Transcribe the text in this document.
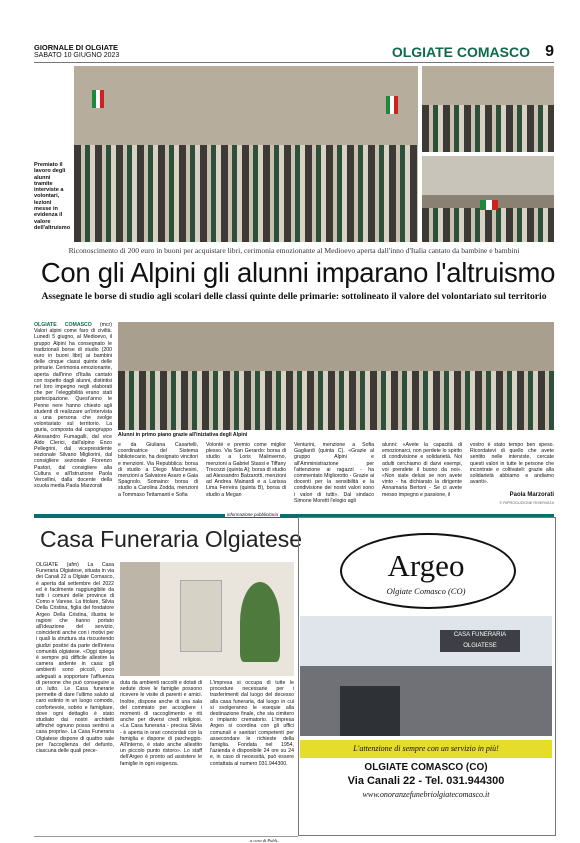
GIORNALE DI OLGIATE
SABATO 10 GIUGNO 2023	OLGIATE COMASCO 9
Premiato il lavoro degli alunni tramite interviste a volontari, lezioni messe in evidenza il valore dell'altruismo
Riconoscimento di 200 euro in buoni per acquistare libri, cerimonia emozionante al Medioevo aperta dall'inno d'Italia cantato da bambine e bambini
Con gli Alpini gli alunni imparano l'altruismo
Assegnate le borse di studio agli scolari delle classi quinte delle primarie: sottolineato il valore del volontariato sul territorio
OLGIATE COMASCO (mcr) Valori alpini come faro di civiltà. Lunedì 5 giugno, al Medioevo, il gruppo Alpini ha consegnato le tradizionali borse di studio (200 euro in buoni libri) ai bambini delle cinque classi quinte delle primarie. Cerimonia emozionante, aperta dall'inno d'Italia cantato con rispetto dagli alunni, distintisi nel loro impegno negli elaborati che per l'eleggibilità erano stati partecipazione. Quest'anno le Penne nere hanno chiesto agli studenti di realizzare un'intervista a una persona che svolge volontariato sul territorio. La giuria, composta dal capogruppo Alessandro Fumagalli, dal vice Aldo Clerici, dall'alpino Enzo Pellegrini, dal vicepresidente sezionale Silvano Migliorini, dal consigliere sezionale Fiorenzo Pastori, dal consigliere alla Cultura e all'Istruzione Paola Vercellini, dalla docente della scuola media Paola Marzorati
Alunni in primo piano grazie all'iniziativa degli Alpini
e da Giuliana Casartelli, coordinatrice del Sistema bibliotecario, ha designato vincitori e menzioni. Via Repubblica: borsa di studio a Diego Marchesini, menzioni a Salvatore Asaro e Gaia Spagnolo. Somaino: borsa di studio a Carolina Zodda, menzioni a Tommaso Tettamanti e Sofia
Volonté e premio come miglior plesso. Via San Gerardo: borsa di studio a Loris Malinverno, menzioni a Gabriel Stassi e Tiffany Trecozzi (quinta A); borsa di studio ad Alessandro Balzarotti, menzioni ad Andrea Mainardi e a Larissa Lima Ferreira (quinta B), borsa di studio a Megan
Venturini, menzione a Sofia Gagliardi (quinta C). «Grazie al gruppo Alpini e all'Amministrazione per l'attenzione ai ragazzi - ha commentato Migliorotto - Grazie ai docenti per la sensibilità e la condivisione dei nostri valori sono i valori di tutti». Dal sindaco Simone Moretti l'elogio agli
alunni: «Avete la capacità di emozionarci, non perdete lo spirito di condivisione e solidarietà. Noi adulti cerchiamo di darvi esempi, voi prendete il buono da noi». «Non siate delusi se non avete vinto - ha dichiarato la dirigente Annamaria Bertoni - Se ci avete messo impegno e passione, il
vostro è stato tempo ben speso. Ricordatevi di quello che avete sentito nelle interviste, cercate questi valori in tutte le persone che incontrate e coltivateli: grazie alla solidarietà abbiamo e andiamo avanti».
Paola Marzorati
© RIPRODUZIONE RISERVATA
informazione pubblicitaria
Casa Funeraria Olgiatese
OLGIATE (afm) La Casa Funeraria Olgiatese, situata in via dei Canali 22 a Olgiate Comasco, è aperta dal settembre del 2022 ed è facilmente raggiungibile da tutti i comuni delle province di Como e Varese. La titolare, Silvia Della Cristina, figlia del fondatore Argeo Della Cristina, illustra le ragioni che hanno portato all'ideazione del servizio, coincidenti anche con i motivi per i quali la struttura sta riscuotendo giudizi positivi da parte dell'intera comunità olgiatese. «Oggi spiega è sempre più difficile allestire la camera ardente in casa: gli ambienti sono piccoli, poco adeguati a sopportare l'affluenza di persone che può conseguire a un lutto. Le Casa funerarie permette di dare l'ultimo saluto al caro estinto in un luogo comodo, confortevole, sobrio e famigliare, dove ogni dettaglio è stato studiato dai nostri architetti affinché ognuno possa sentirsi a casa propria». La Casa Funeraria Olgiatese dispone di quattro sale per l'accoglienza del defunto, ciascuna delle quali prece-
duta da ambienti raccolti e dotati di sedute dove le famiglie possono ricevere le visite di parenti e amici. Inoltre, dispone anche di una sala del commiato per accogliere i momenti di raccoglimento e riti anche per diversi credi religiosi. «La Casa funeraria - precisa Silvia - è aperta in orari concordati con la famiglia e dispone di parcheggio. All'interno, è stato anche allestito un piccolo punto ristoro». Lo staff dell'Argeo è pronto ad assistere le famiglie in ogni esigenza.
L'impresa si occupa di tutte le procedure necessarie per i trasferimenti dal luogo del decesso alla casa funeraria, dal luogo in cui si svolgeranno le esequie alla destinazione finale, che sia cimitero o impianto crematorio. L'impresa Argeo si coordina con gli uffici comunali e sanitari competenti per assecondare le richieste della famiglia. Fondata nel 1954, l'azienda è disponibile 24 ore su 24 e, in caso di necessità, può essere contattata al numero 031.944300.
Argeo
Olgiate Comasco (CO)
CASA FUNERARIA OLGIATESE
L'attenzione di sempre con un servizio in più!
OLGIATE COMASCO (CO)
Via Canali 22 - Tel. 031.944300
www.onoranzefunebriolgiatecomasco.it
a cura di Publi..
